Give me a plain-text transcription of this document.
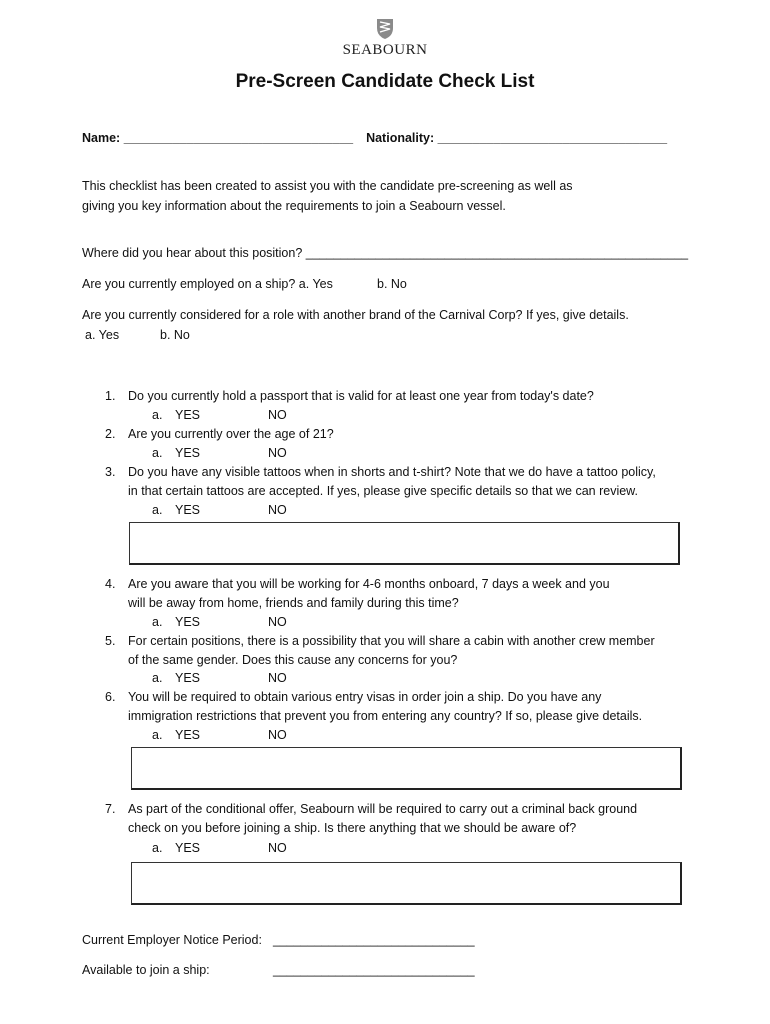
SEABOURN
Pre-Screen Candidate Check List
Name: _________________________________ Nationality: _________________________________
This checklist has been created to assist you with the candidate pre-screening as well as
giving you key information about the requirements to join a Seabourn vessel.
Where did you hear about this position? _______________________________________________________
Are you currently employed on a ship? a. Yes	b. No
Are you currently considered for a role with another brand of the Carnival Corp? If yes, give details.
a. Yes	b. No
1. Do you currently hold a passport that is valid for at least one year from today's date?
a. YES	NO
2. Are you currently over the age of 21?
a. YES	NO
3. Do you have any visible tattoos when in shorts and t-shirt? Note that we do have a tattoo policy,
in that certain tattoos are accepted. If yes, please give specific details so that we can review.
a. YES	NO
4. Are you aware that you will be working for 4-6 months onboard, 7 days a week and you
will be away from home, friends and family during this time?
a. YES	NO
5. For certain positions, there is a possibility that you will share a cabin with another crew member
of the same gender. Does this cause any concerns for you?
a. YES	NO
6. You will be required to obtain various entry visas in order join a ship. Do you have any
immigration restrictions that prevent you from entering any country? If so, please give details.
a. YES	NO
7. As part of the conditional offer, Seabourn will be required to carry out a criminal back ground
check on you before joining a ship. Is there anything that we should be aware of?
a. YES	NO
Current Employer Notice Period: _____________________________
Available to join a ship:	_____________________________
